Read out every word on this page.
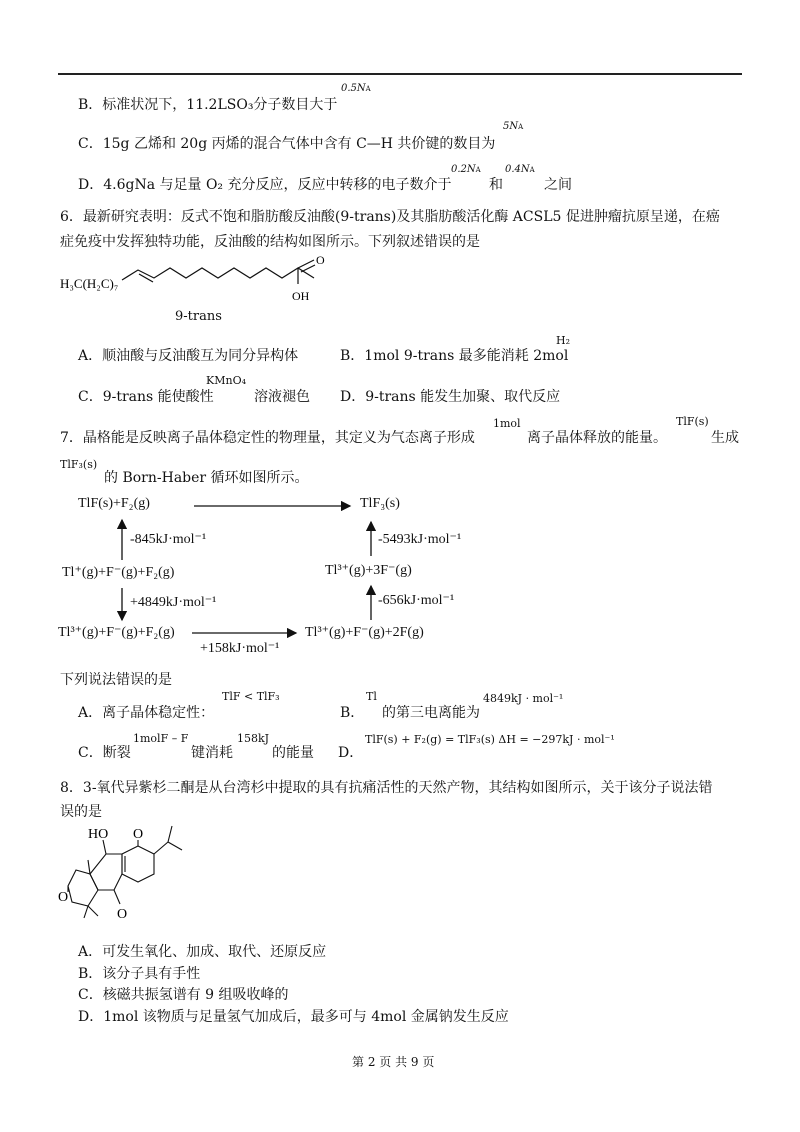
B．标准状况下，11.2LSO₃分子数目大于
0.5NA
C．15g 乙烯和 20g 丙烯的混合气体中含有 C—H 共价键的数目为
5NA
D．4.6gNa 与足量 O₂ 充分反应，反应中转移的电子数介于
0.2NA
和
0.4NA
之间
6．最新研究表明：反式不饱和脂肪酸反油酸(9-trans)及其脂肪酸活化酶 ACSL5 促进肿瘤抗原呈递，在癌
症免疫中发挥独特功能，反油酸的结构如图所示。下列叙述错误的是
H₃C(H₂C)₇
O
OH
9-trans
A．顺油酸与反油酸互为同分异构体	B．1mol 9-trans 最多能消耗 2mol
H₂
C．9-trans 能使酸性
KMnO₄
溶液褪色 D．9-trans 能发生加聚、取代反应
7．晶格能是反映离子晶体稳定性的物理量，其定义为气态离子形成
1mol
离子晶体释放的能量。
TlF(s)
生成
TlF₃(s)
的 Born-Haber 循环如图所示。
TlF(s)+F₂(g)	TlF₃(s)
-845kJ·mol⁻¹	-5493kJ·mol⁻¹
Tl⁺(g)+F⁻(g)+F₂(g)	Tl³⁺(g)+3F⁻(g)
+4849kJ·mol⁻¹	-656kJ·mol⁻¹
Tl³⁺(g)+F⁻(g)+F₂(g)	Tl³⁺(g)+F⁻(g)+2F(g)
+158kJ·mol⁻¹
下列说法错误的是
A．离子晶体稳定性：
TlF < TlF₃
B．
Tl
的第三电离能为
4849kJ · mol⁻¹
C．断裂
1molF – F
键消耗
158kJ
的能量 D．
TlF(s) + F₂(g) = TlF₃(s) ΔH = −297kJ · mol⁻¹
8．3-氧代异紫杉二酮是从台湾杉中提取的具有抗痛活性的天然产物，其结构如图所示，关于该分子说法错
误的是
HO O
O
O
A．可发生氧化、加成、取代、还原反应
B．该分子具有手性
C．核磁共振氢谱有 9 组吸收峰的
D．1mol 该物质与足量氢气加成后，最多可与 4mol 金属钠发生反应
第 2 页 共 9 页
